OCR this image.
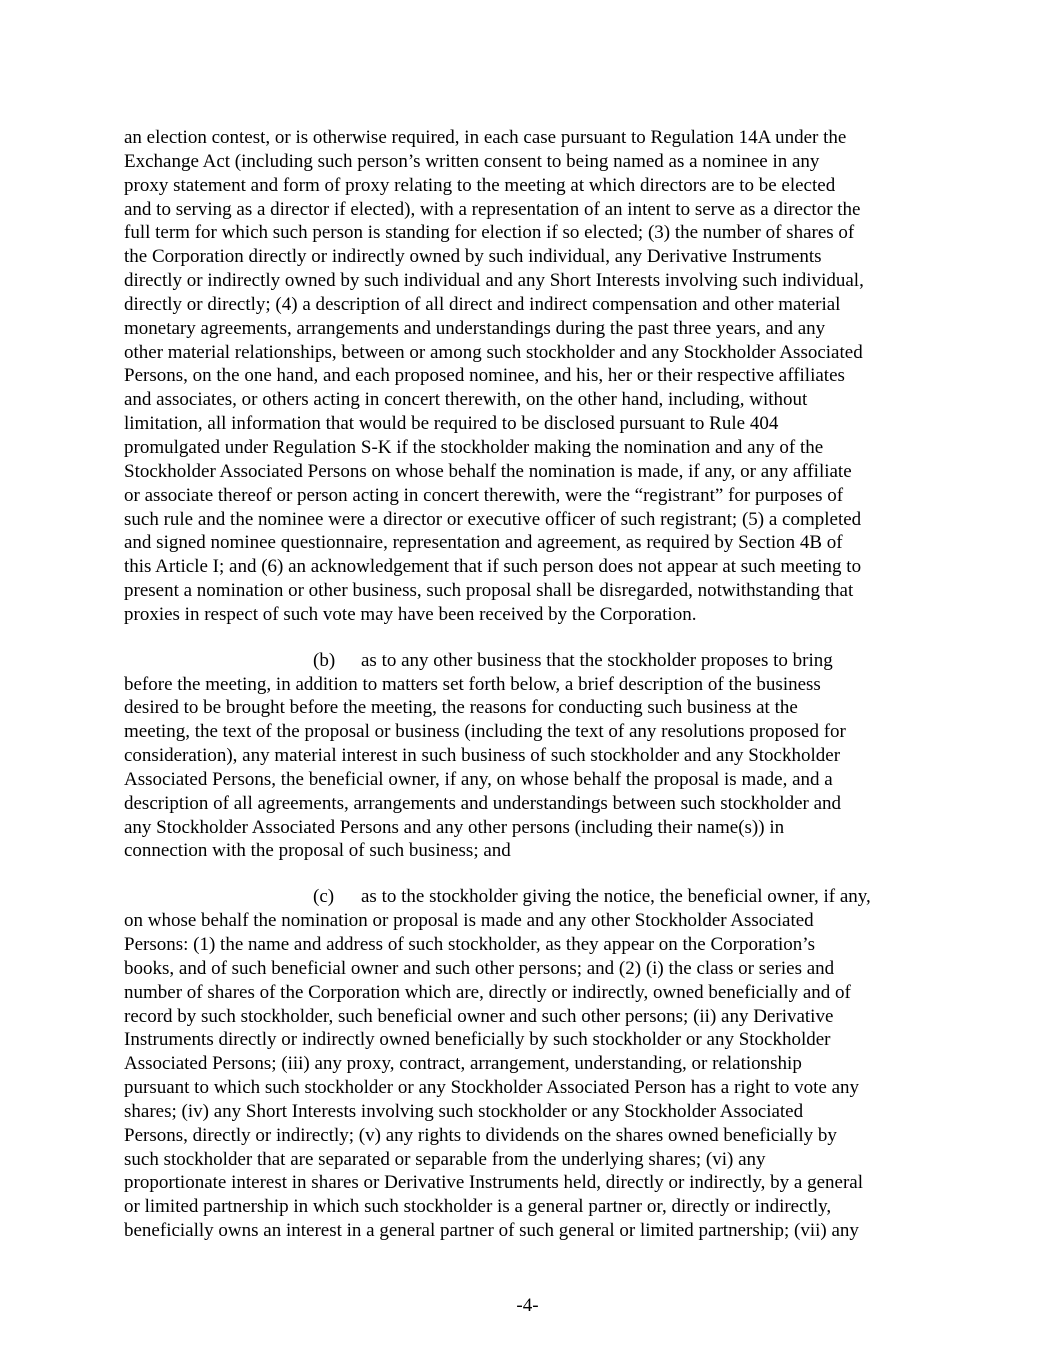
an election contest, or is otherwise required, in each case pursuant to Regulation 14A under the
Exchange Act (including such person’s written consent to being named as a nominee in any
proxy statement and form of proxy relating to the meeting at which directors are to be elected
and to serving as a director if elected), with a representation of an intent to serve as a director the
full term for which such person is standing for election if so elected; (3) the number of shares of
the Corporation directly or indirectly owned by such individual, any Derivative Instruments
directly or indirectly owned by such individual and any Short Interests involving such individual,
directly or directly; (4) a description of all direct and indirect compensation and other material
monetary agreements, arrangements and understandings during the past three years, and any
other material relationships, between or among such stockholder and any Stockholder Associated
Persons, on the one hand, and each proposed nominee, and his, her or their respective affiliates
and associates, or others acting in concert therewith, on the other hand, including, without
limitation, all information that would be required to be disclosed pursuant to Rule 404
promulgated under Regulation S-K if the stockholder making the nomination and any of the
Stockholder Associated Persons on whose behalf the nomination is made, if any, or any affiliate
or associate thereof or person acting in concert therewith, were the “registrant” for purposes of
such rule and the nominee were a director or executive officer of such registrant; (5) a completed
and signed nominee questionnaire, representation and agreement, as required by Section 4B of
this Article I; and (6) an acknowledgement that if such person does not appear at such meeting to
present a nomination or other business, such proposal shall be disregarded, notwithstanding that
proxies in respect of such vote may have been received by the Corporation.

(b) as to any other business that the stockholder proposes to bring
before the meeting, in addition to matters set forth below, a brief description of the business
desired to be brought before the meeting, the reasons for conducting such business at the
meeting, the text of the proposal or business (including the text of any resolutions proposed for
consideration), any material interest in such business of such stockholder and any Stockholder
Associated Persons, the beneficial owner, if any, on whose behalf the proposal is made, and a
description of all agreements, arrangements and understandings between such stockholder and
any Stockholder Associated Persons and any other persons (including their name(s)) in
connection with the proposal of such business; and

(c) as to the stockholder giving the notice, the beneficial owner, if any,
on whose behalf the nomination or proposal is made and any other Stockholder Associated
Persons: (1) the name and address of such stockholder, as they appear on the Corporation’s
books, and of such beneficial owner and such other persons; and (2) (i) the class or series and
number of shares of the Corporation which are, directly or indirectly, owned beneficially and of
record by such stockholder, such beneficial owner and such other persons; (ii) any Derivative
Instruments directly or indirectly owned beneficially by such stockholder or any Stockholder
Associated Persons; (iii) any proxy, contract, arrangement, understanding, or relationship
pursuant to which such stockholder or any Stockholder Associated Person has a right to vote any
shares; (iv) any Short Interests involving such stockholder or any Stockholder Associated
Persons, directly or indirectly; (v) any rights to dividends on the shares owned beneficially by
such stockholder that are separated or separable from the underlying shares; (vi) any
proportionate interest in shares or Derivative Instruments held, directly or indirectly, by a general
or limited partnership in which such stockholder is a general partner or, directly or indirectly,
beneficially owns an interest in a general partner of such general or limited partnership; (vii) any

-4-
